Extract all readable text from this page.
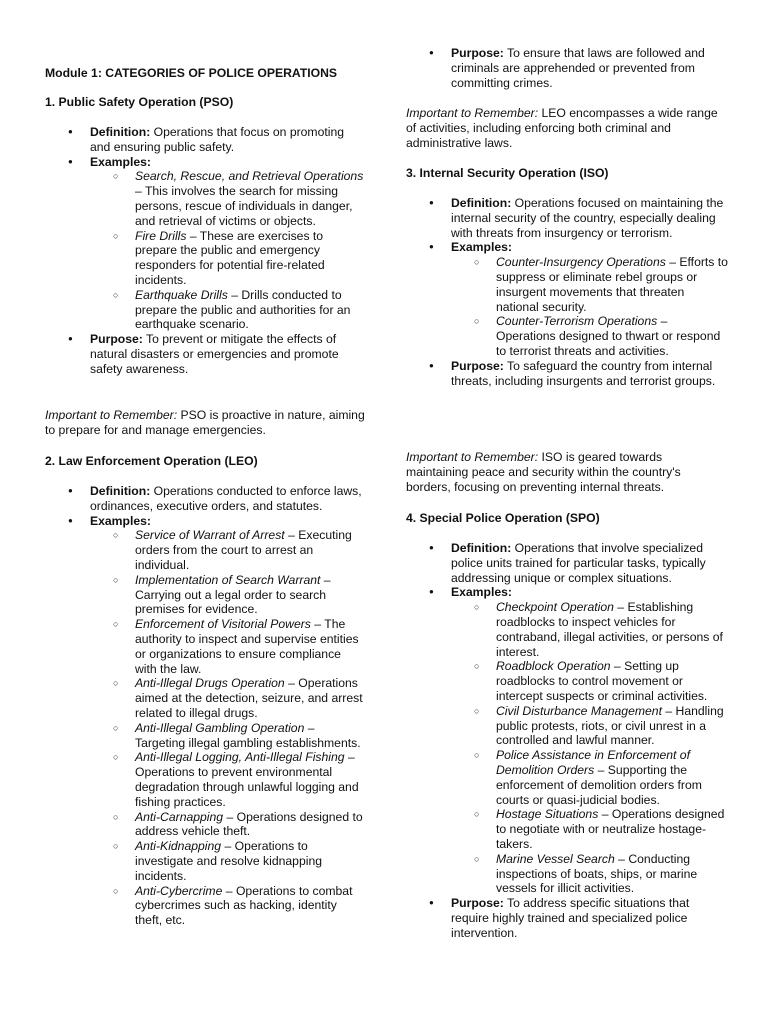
Module 1: CATEGORIES OF POLICE OPERATIONS
1. Public Safety Operation (PSO)
● Definition: Operations that focus on promoting and ensuring public safety.
● Examples:
○ Search, Rescue, and Retrieval Operations – This involves the search for missing persons, rescue of individuals in danger, and retrieval of victims or objects.
○ Fire Drills – These are exercises to prepare the public and emergency responders for potential fire-related incidents.
○ Earthquake Drills – Drills conducted to prepare the public and authorities for an earthquake scenario.
● Purpose: To prevent or mitigate the effects of natural disasters or emergencies and promote safety awareness.
Important to Remember: PSO is proactive in nature, aiming to prepare for and manage emergencies.
2. Law Enforcement Operation (LEO)
● Definition: Operations conducted to enforce laws, ordinances, executive orders, and statutes.
● Examples:
○ Service of Warrant of Arrest – Executing orders from the court to arrest an individual.
○ Implementation of Search Warrant – Carrying out a legal order to search premises for evidence.
○ Enforcement of Visitorial Powers – The authority to inspect and supervise entities or organizations to ensure compliance with the law.
○ Anti-Illegal Drugs Operation – Operations aimed at the detection, seizure, and arrest related to illegal drugs.
○ Anti-Illegal Gambling Operation – Targeting illegal gambling establishments.
○ Anti-Illegal Logging, Anti-Illegal Fishing – Operations to prevent environmental degradation through unlawful logging and fishing practices.
○ Anti-Carnapping – Operations designed to address vehicle theft.
○ Anti-Kidnapping – Operations to investigate and resolve kidnapping incidents.
○ Anti-Cybercrime – Operations to combat cybercrimes such as hacking, identity theft, etc.
● Purpose: To ensure that laws are followed and criminals are apprehended or prevented from committing crimes.
Important to Remember: LEO encompasses a wide range of activities, including enforcing both criminal and administrative laws.
3. Internal Security Operation (ISO)
● Definition: Operations focused on maintaining the internal security of the country, especially dealing with threats from insurgency or terrorism.
● Examples:
○ Counter-Insurgency Operations – Efforts to suppress or eliminate rebel groups or insurgent movements that threaten national security.
○ Counter-Terrorism Operations – Operations designed to thwart or respond to terrorist threats and activities.
● Purpose: To safeguard the country from internal threats, including insurgents and terrorist groups.
Important to Remember: ISO is geared towards maintaining peace and security within the country's borders, focusing on preventing internal threats.
4. Special Police Operation (SPO)
● Definition: Operations that involve specialized police units trained for particular tasks, typically addressing unique or complex situations.
● Examples:
○ Checkpoint Operation – Establishing roadblocks to inspect vehicles for contraband, illegal activities, or persons of interest.
○ Roadblock Operation – Setting up roadblocks to control movement or intercept suspects or criminal activities.
○ Civil Disturbance Management – Handling public protests, riots, or civil unrest in a controlled and lawful manner.
○ Police Assistance in Enforcement of Demolition Orders – Supporting the enforcement of demolition orders from courts or quasi-judicial bodies.
○ Hostage Situations – Operations designed to negotiate with or neutralize hostage-takers.
○ Marine Vessel Search – Conducting inspections of boats, ships, or marine vessels for illicit activities.
● Purpose: To address specific situations that require highly trained and specialized police intervention.
